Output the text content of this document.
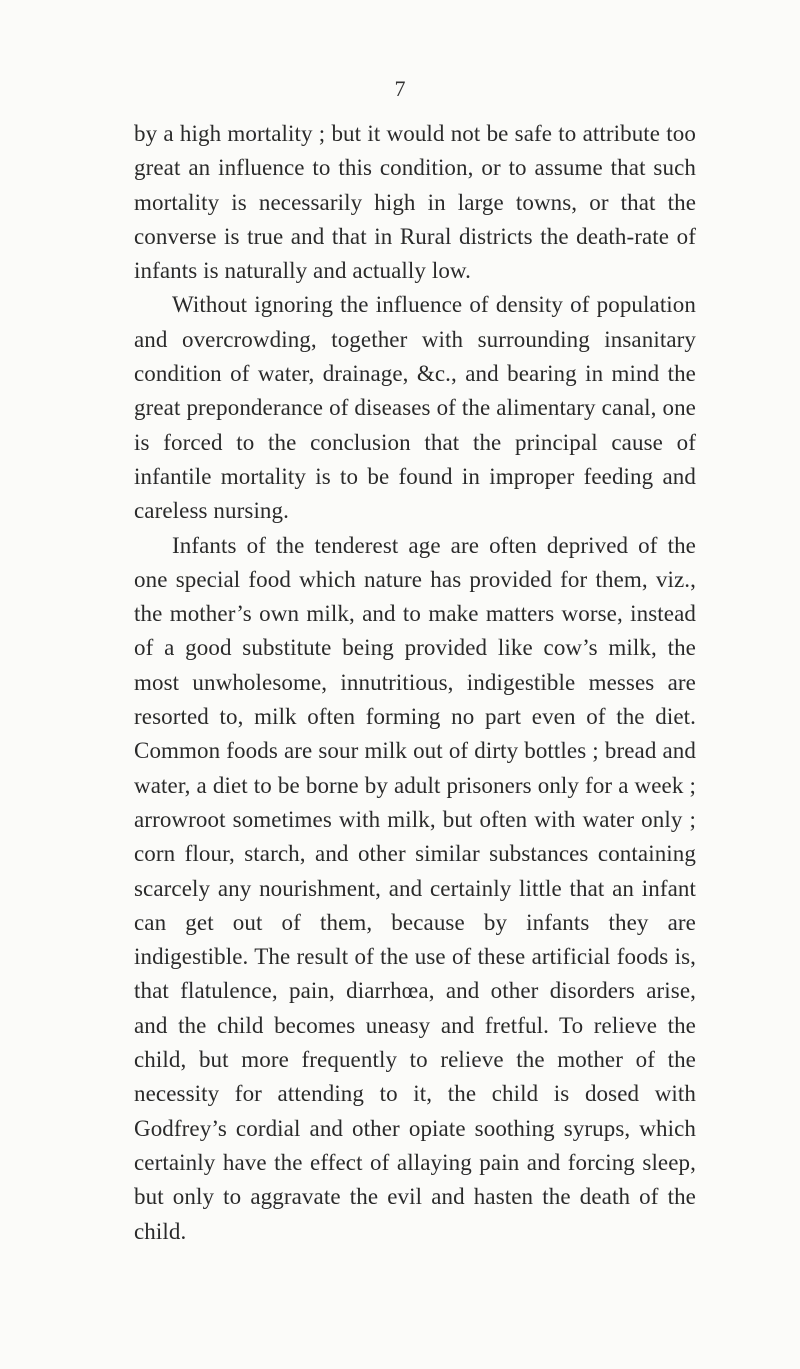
7

by a high mortality ; but it would not be safe to attribute too great an influence to this condition, or to assume that such mortality is necessarily high in large towns, or that the converse is true and that in Rural districts the death-rate of infants is naturally and actually low.

Without ignoring the influence of density of population and overcrowding, together with surrounding insanitary condition of water, drainage, &c., and bearing in mind the great preponderance of diseases of the alimentary canal, one is forced to the conclusion that the principal cause of infantile mortality is to be found in improper feeding and careless nursing.

Infants of the tenderest age are often deprived of the one special food which nature has provided for them, viz., the mother’s own milk, and to make matters worse, instead of a good substitute being provided like cow’s milk, the most unwholesome, innutritious, indigestible messes are resorted to, milk often forming no part even of the diet. Common foods are sour milk out of dirty bottles ; bread and water, a diet to be borne by adult prisoners only for a week ; arrowroot sometimes with milk, but often with water only ; corn flour, starch, and other similar substances containing scarcely any nourishment, and certainly little that an infant can get out of them, because by infants they are indigestible. The result of the use of these artificial foods is, that flatulence, pain, diarrhœa, and other disorders arise, and the child becomes uneasy and fretful. To relieve the child, but more frequently to relieve the mother of the necessity for attending to it, the child is dosed with Godfrey’s cordial and other opiate soothing syrups, which certainly have the effect of allaying pain and forcing sleep, but only to aggravate the evil and hasten the death of the child.
